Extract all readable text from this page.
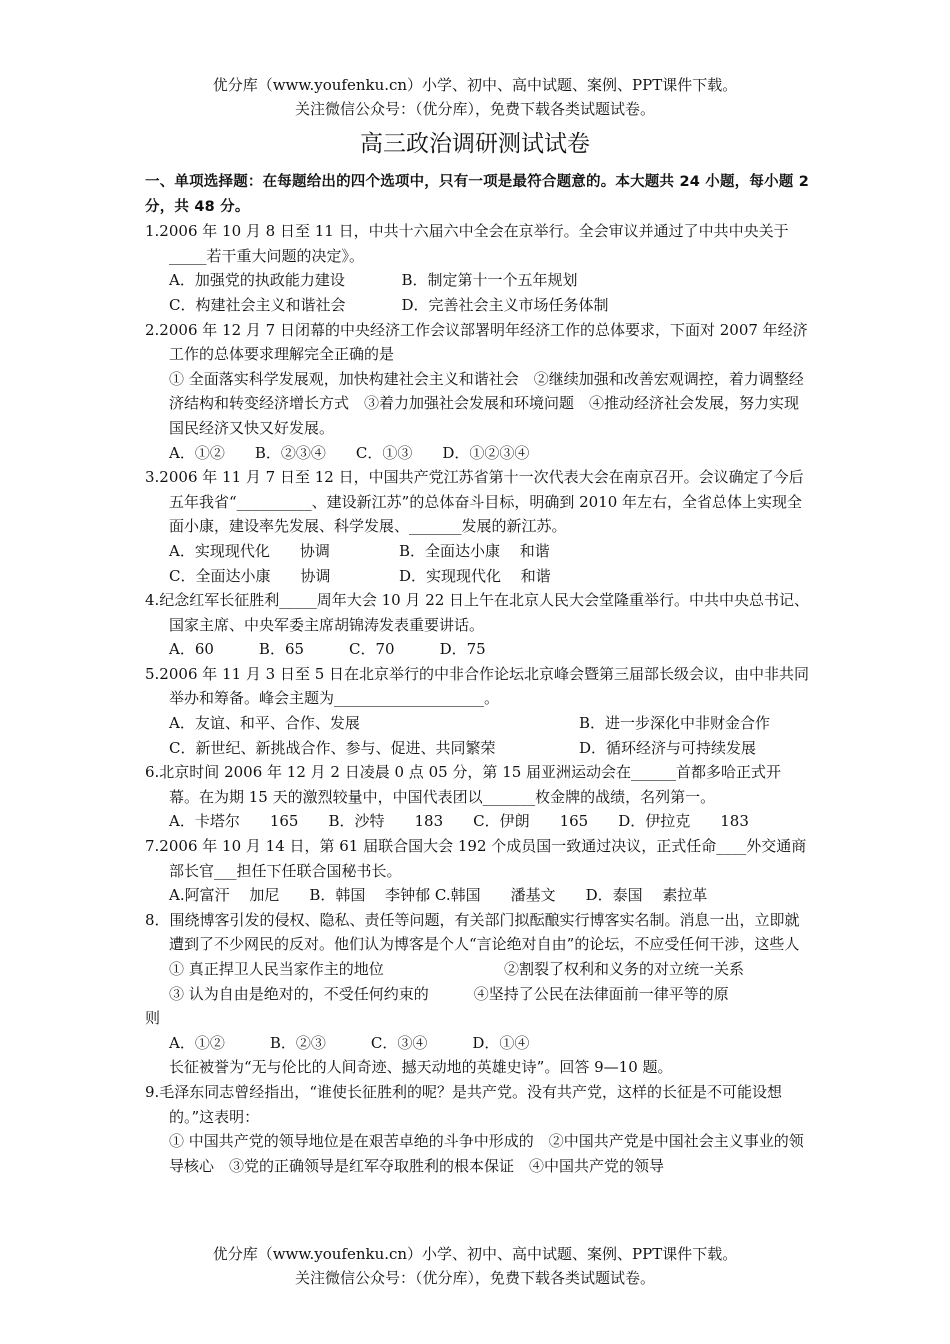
优分库（www.youfenku.cn）小学、初中、高中试题、案例、PPT课件下载。
关注微信公众号：（优分库），免费下载各类试题试卷。
高三政治调研测试试卷
一、单项选择题：在每题给出的四个选项中，只有一项是最符合题意的。本大题共 24 小题，每小题 2 分，共 48 分。
1.2006 年 10 月 8 日至 11 日，中共十六届六中全会在京举行。全会审议并通过了中共中央关于_____若干重大问题的决定》。
A．加强党的执政能力建设	B．制定第十一个五年规划
C．构建社会主义和谐社会	D．完善社会主义市场任务体制
2.2006 年 12 月 7 日闭幕的中央经济工作会议部署明年经济工作的总体要求，下面对 2007 年经济工作的总体要求理解完全正确的是
① 全面落实科学发展观，加快构建社会主义和谐社会　②继续加强和改善宏观调控，着力调整经济结构和转变经济增长方式　③着力加强社会发展和环境问题　④推动经济社会发展，努力实现国民经济又快又好发展。
A．①②　　B．②③④　　C．①③　　D．①②③④
3.2006 年 11 月 7 日至 12 日，中国共产党江苏省第十一次代表大会在南京召开。会议确定了今后五年我省“__________、建设新江苏”的总体奋斗目标，明确到 2010 年左右，全省总体上实现全面小康，建设率先发展、科学发展、_______发展的新江苏。
A．实现现代化　　协调	B．全面达小康　 和谐
C．全面达小康　　协调	D．实现现代化　 和谐
4.纪念红军长征胜利_____周年大会 10 月 22 日上午在北京人民大会堂隆重举行。中共中央总书记、国家主席、中央军委主席胡锦涛发表重要讲话。
A．60　　　B．65　　　C．70　　　D．75
5.2006 年 11 月 3 日至 5 日在北京举行的中非合作论坛北京峰会暨第三届部长级会议，由中非共同举办和筹备。峰会主题为____________________。
A．友谊、和平、合作、发展	B．进一步深化中非财金合作
C．新世纪、新挑战合作、参与、促进、共同繁荣	D．循环经济与可持续发展
6.北京时间 2006 年 12 月 2 日凌晨 0 点 05 分，第 15 届亚洲运动会在______首都多哈正式开幕。在为期 15 天的激烈较量中，中国代表团以_______枚金牌的战绩，名列第一。
A．卡塔尔　　165　　B．沙特　　183　　C．伊朗　　165　　D．伊拉克　　183
7.2006 年 10 月 14 日，第 61 届联合国大会 192 个成员国一致通过决议，正式任命____外交通商部长官___担任下任联合国秘书长。
A.阿富汗　 加尼　　B．韩国　 李钟郁 C.韩国　　潘基文　　D．泰国　 素拉革
8．围绕博客引发的侵权、隐私、责任等问题，有关部门拟酝酿实行博客实名制。消息一出，立即就遭到了不少网民的反对。他们认为博客是个人“言论绝对自由”的论坛，不应受任何干涉，这些人
① 真正捍卫人民当家作主的地位	②割裂了权利和义务的对立统一关系
③ 认为自由是绝对的，不受任何约束的　　　④坚持了公民在法律面前一律平等的原
则
A．①②　　　B．②③　　　C．③④　　　D．①④
长征被誉为“无与伦比的人间奇迹、撼天动地的英雄史诗”。回答 9—10 题。
9.毛泽东同志曾经指出，“谁使长征胜利的呢？是共产党。没有共产党，这样的长征是不可能设想的。”这表明：
① 中国共产党的领导地位是在艰苦卓绝的斗争中形成的　②中国共产党是中国社会主义事业的领导核心　③党的正确领导是红军夺取胜利的根本保证　④中国共产党的领导
优分库（www.youfenku.cn）小学、初中、高中试题、案例、PPT课件下载。
关注微信公众号：（优分库），免费下载各类试题试卷。
